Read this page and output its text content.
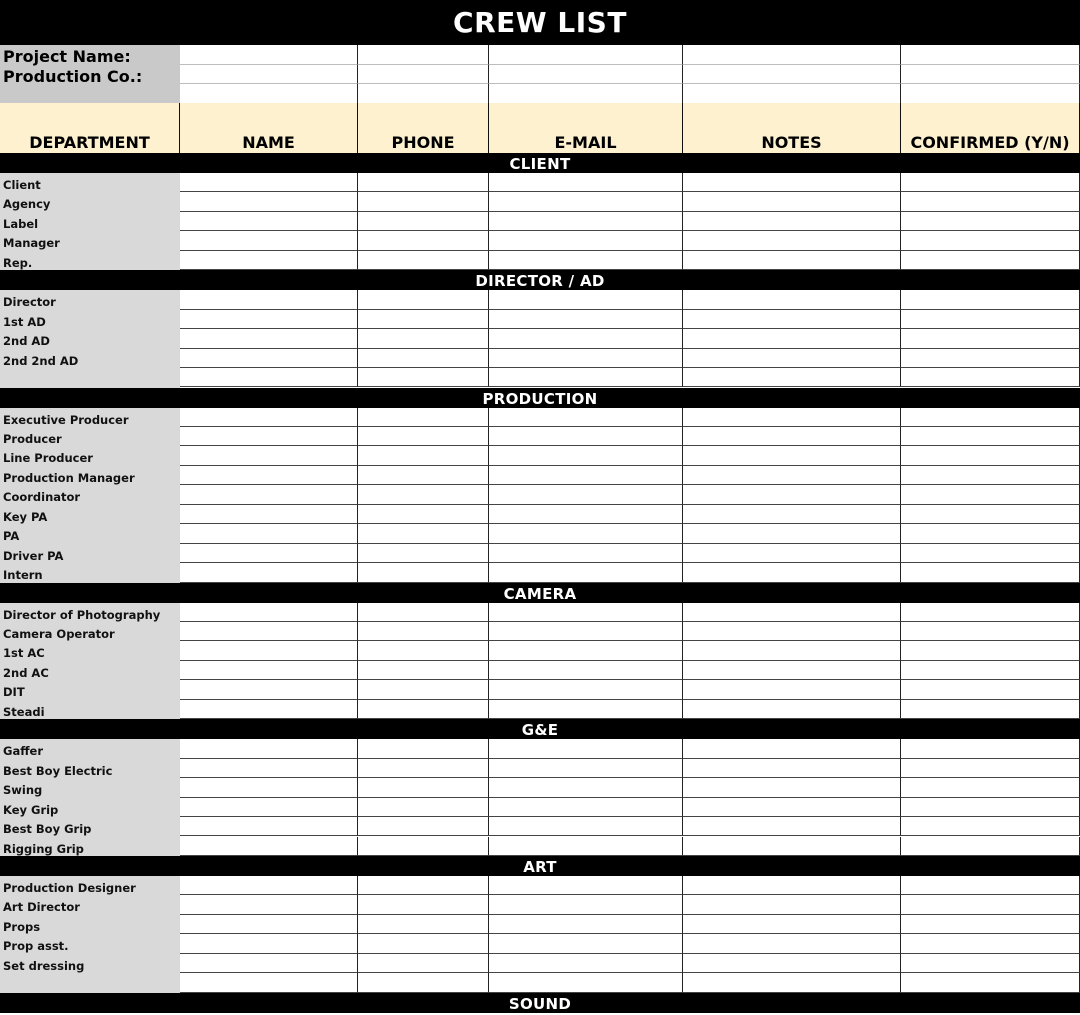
CREW LIST
Project Name:
Production Co.:
DEPARTMENT	NAME	PHONE	E-MAIL	NOTES	CONFIRMED (Y/N)
CLIENT
Client
Agency
Label
Manager
Rep.
DIRECTOR / AD
Director
1st AD
2nd AD
2nd 2nd AD
PRODUCTION
Executive Producer
Producer
Line Producer
Production Manager
Coordinator
Key PA
PA
Driver PA
Intern
CAMERA
Director of Photography
Camera Operator
1st AC
2nd AC
DIT
Steadi
G&E
Gaffer
Best Boy Electric
Swing
Key Grip
Best Boy Grip
Rigging Grip
ART
Production Designer
Art Director
Props
Prop asst.
Set dressing
SOUND
